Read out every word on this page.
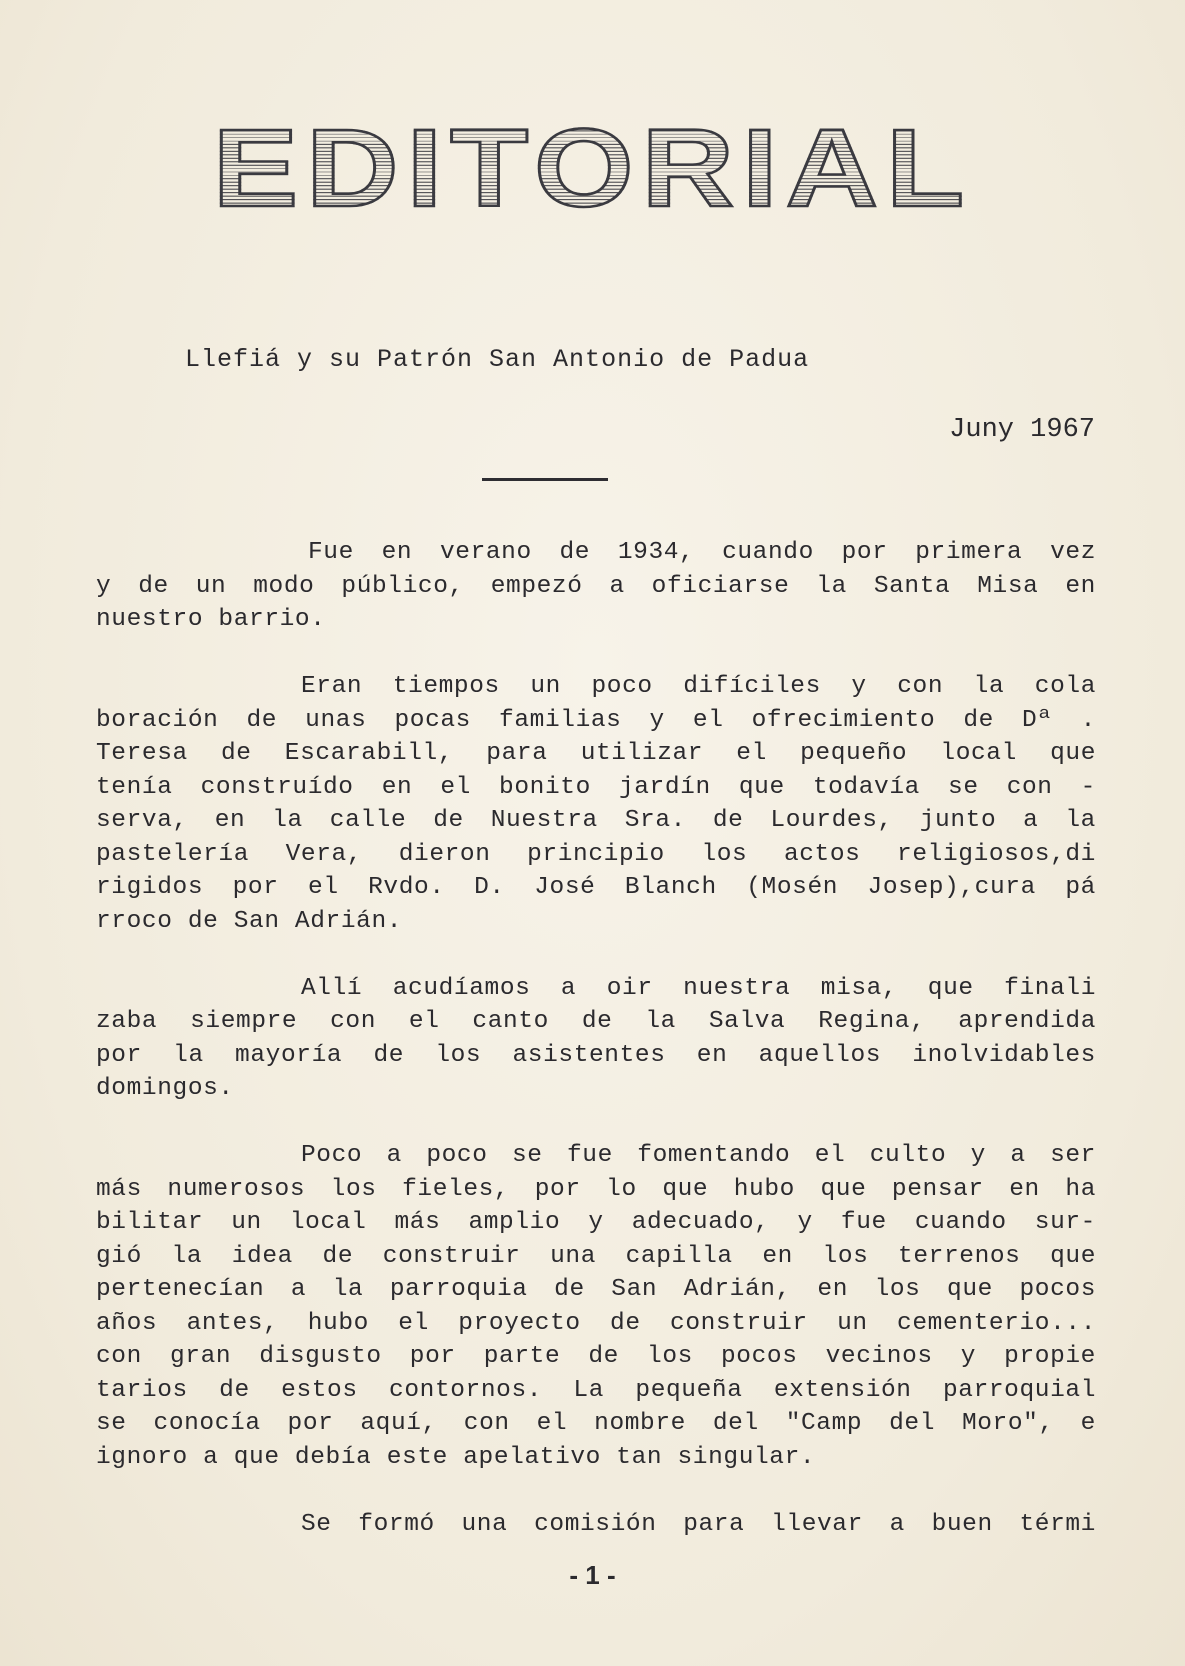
EDITORIAL
Llefiá y su Patrón San Antonio de Padua
Juny 1967
Fue en verano de 1934, cuando por primera vez
y de un modo público, empezó a oficiarse la Santa Misa en
nuestro barrio.
Eran tiempos un poco difíciles y con la cola
boración de unas pocas familias y el ofrecimiento de Dª .
Teresa de Escarabill, para utilizar el pequeño local que
tenía construído en el bonito jardín que todavía se con -
serva, en la calle de Nuestra Sra. de Lourdes, junto a la
pastelería Vera, dieron principio los actos religiosos,di
rigidos por el Rvdo. D. José Blanch (Mosén Josep),cura pá
rroco de San Adrián.
Allí acudíamos a oir nuestra misa, que finali
zaba siempre con el canto de la Salva Regina, aprendida
por la mayoría de los asistentes en aquellos inolvidables
domingos.
Poco a poco se fue fomentando el culto y a ser
más numerosos los fieles, por lo que hubo que pensar en ha
bilitar un local más amplio y adecuado, y fue cuando sur-
gió la idea de construir una capilla en los terrenos que
pertenecían a la parroquia de San Adrián, en los que pocos
años antes, hubo el proyecto de construir un cementerio...
con gran disgusto por parte de los pocos vecinos y propie
tarios de estos contornos. La pequeña extensión parroquial
se conocía por aquí, con el nombre del "Camp del Moro", e
ignoro a que debía este apelativo tan singular.
Se formó una comisión para llevar a buen térmi
- 1 -
